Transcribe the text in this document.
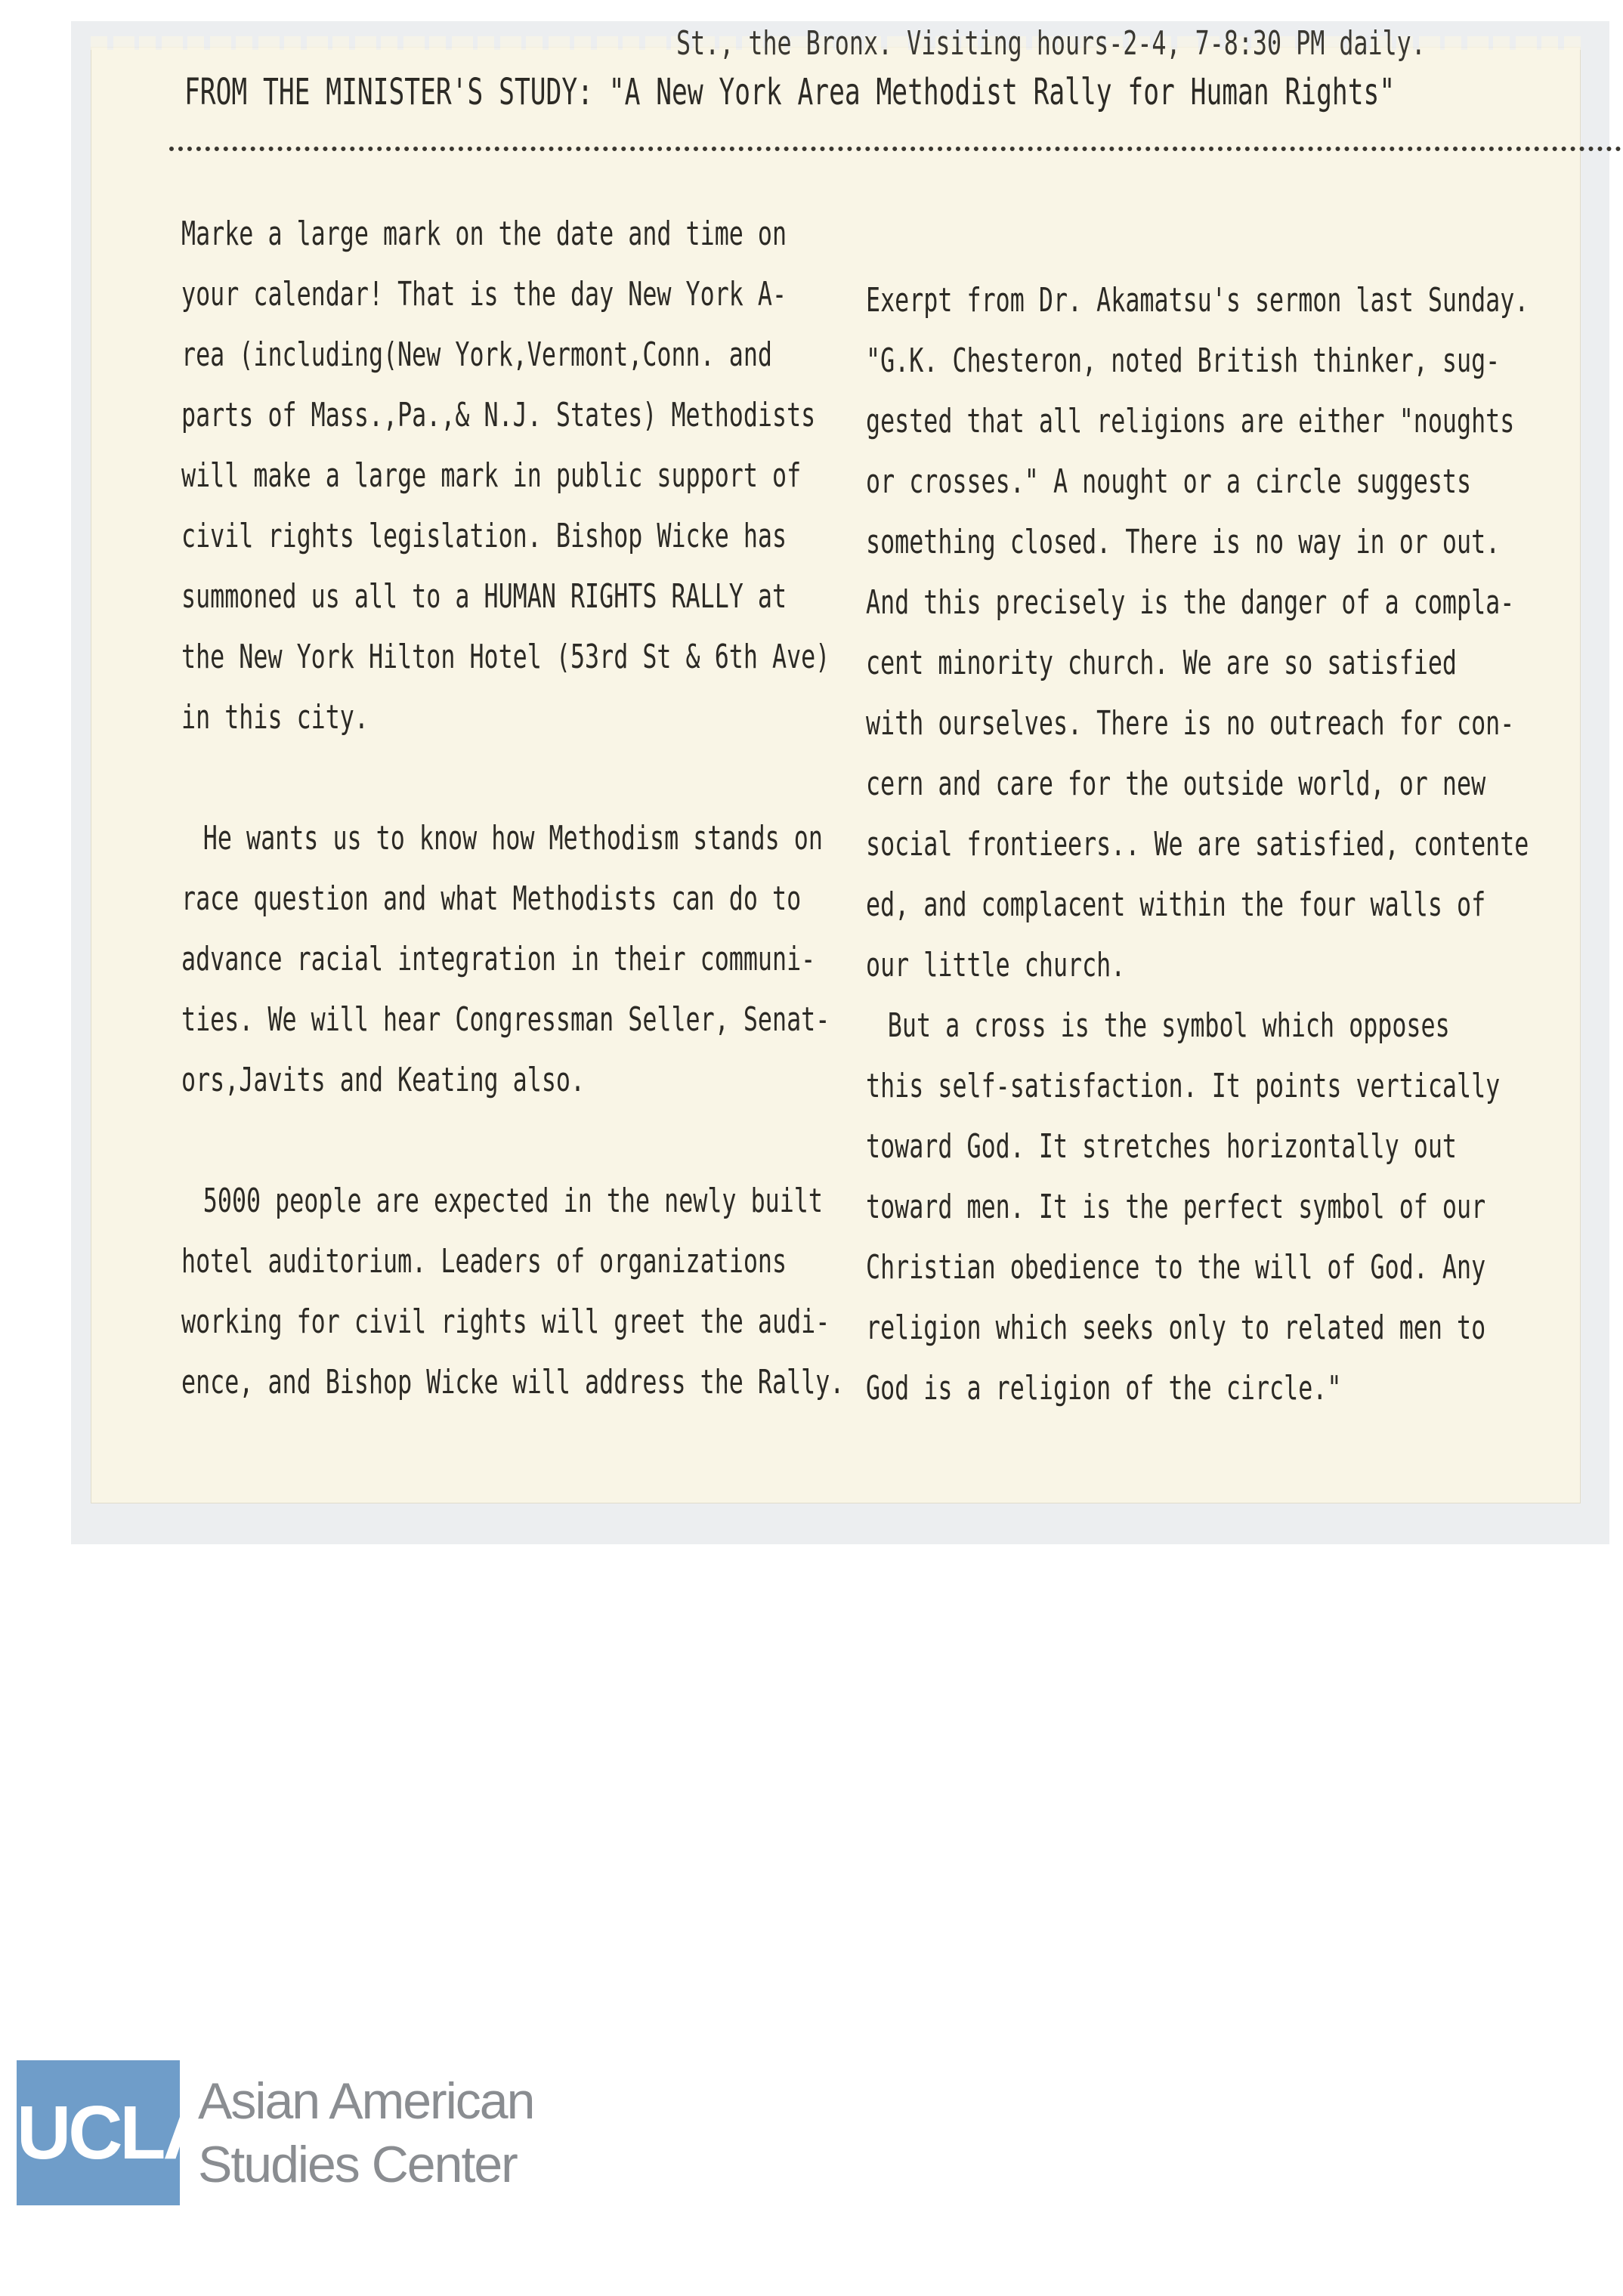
St., the Bronx. Visiting hours-2-4, 7-8:30 PM daily.
FROM THE MINISTER'S STUDY: "A New York Area Methodist Rally for Human Rights"
Marke a large mark on the date and time on
your calendar! That is the day New York A-
rea (including(New York,Vermont,Conn. and
parts of Mass.,Pa.,& N.J. States) Methodists
will make a large mark in public support of
civil rights legislation. Bishop Wicke has
summoned us all to a HUMAN RIGHTS RALLY at
the New York Hilton Hotel (53rd St & 6th Ave)
in this city.
He wants us to know how Methodism stands on
race question and what Methodists can do to
advance racial integration in their communi-
ties. We will hear Congressman Seller, Senat-
ors,Javits and Keating also.
5000 people are expected in the newly built
hotel auditorium. Leaders of organizations
working for civil rights will greet the audi-
ence, and Bishop Wicke will address the Rally.
Exerpt from Dr. Akamatsu's sermon last Sunday.
"G.K. Chesteron, noted British thinker, sug-
gested that all religions are either "noughts
or crosses." A nought or a circle suggests
something closed. There is no way in or out.
And this precisely is the danger of a compla-
cent minority church. We are so satisfied
with ourselves. There is no outreach for con-
cern and care for the outside world, or new
social frontieers.. We are satisfied, contente
ed, and complacent within the four walls of
our little church.
But a cross is the symbol which opposes
this self-satisfaction. It points vertically
toward God. It stretches horizontally out
toward men. It is the perfect symbol of our
Christian obedience to the will of God. Any
religion which seeks only to related men to
God is a religion of the circle."
UCLA
Asian American
Studies Center
